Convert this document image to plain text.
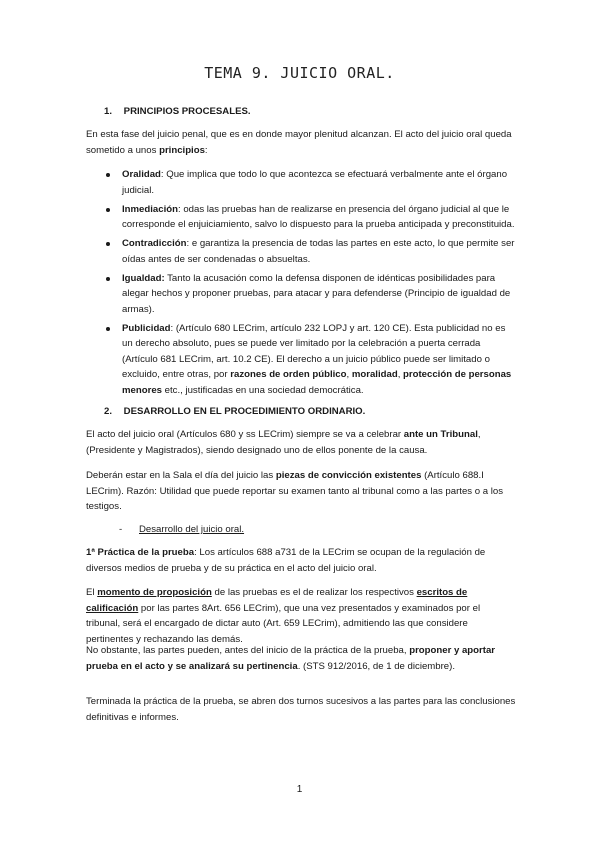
TEMA 9. JUICIO ORAL.
1. PRINCIPIOS PROCESALES.
En esta fase del juicio penal, que es en donde mayor plenitud alcanzan. El acto del juicio oral queda sometido a unos principios:
Oralidad: Que implica que todo lo que acontezca se efectuará verbalmente ante el órgano judicial.
Inmediación: odas las pruebas han de realizarse en presencia del órgano judicial al que le corresponde el enjuiciamiento, salvo lo dispuesto para la prueba anticipada y preconstituida.
Contradicción: e garantiza la presencia de todas las partes en este acto, lo que permite ser oídas antes de ser condenadas o absueltas.
Igualdad: Tanto la acusación como la defensa disponen de idénticas posibilidades para alegar hechos y proponer pruebas, para atacar y para defenderse (Principio de igualdad de armas).
Publicidad: (Artículo 680 LECrim, artículo 232 LOPJ y art. 120 CE). Esta publicidad no es un derecho absoluto, pues se puede ver limitado por la celebración a puerta cerrada (Artículo 681 LECrim, art. 10.2 CE). El derecho a un juicio público puede ser limitado o excluido, entre otras, por razones de orden público, moralidad, protección de personas menores etc., justificadas en una sociedad democrática.
2. DESARROLLO EN EL PROCEDIMIENTO ORDINARIO.
El acto del juicio oral (Artículos 680 y ss LECrim) siempre se va a celebrar ante un Tribunal, (Presidente y Magistrados), siendo designado uno de ellos ponente de la causa.
Deberán estar en la Sala el día del juicio las piezas de convicción existentes (Artículo 688.I LECrim). Razón: Utilidad que puede reportar su examen tanto al tribunal como a las partes o a los testigos.
- Desarrollo del juicio oral.
1ª Práctica de la prueba: Los artículos 688 a731 de la LECrim se ocupan de la regulación de diversos medios de prueba y de su práctica en el acto del juicio oral.
El momento de proposición de las pruebas es el de realizar los respectivos escritos de calificación por las partes 8Art. 656 LECrim), que una vez presentados y examinados por el tribunal, será el encargado de dictar auto (Art. 659 LECrim), admitiendo las que considere pertinentes y rechazando las demás.
No obstante, las partes pueden, antes del inicio de la práctica de la prueba, proponer y aportar prueba en el acto y se analizará su pertinencia. (STS 912/2016, de 1 de diciembre).
Terminada la práctica de la prueba, se abren dos turnos sucesivos a las partes para las conclusiones definitivas e informes.
1
